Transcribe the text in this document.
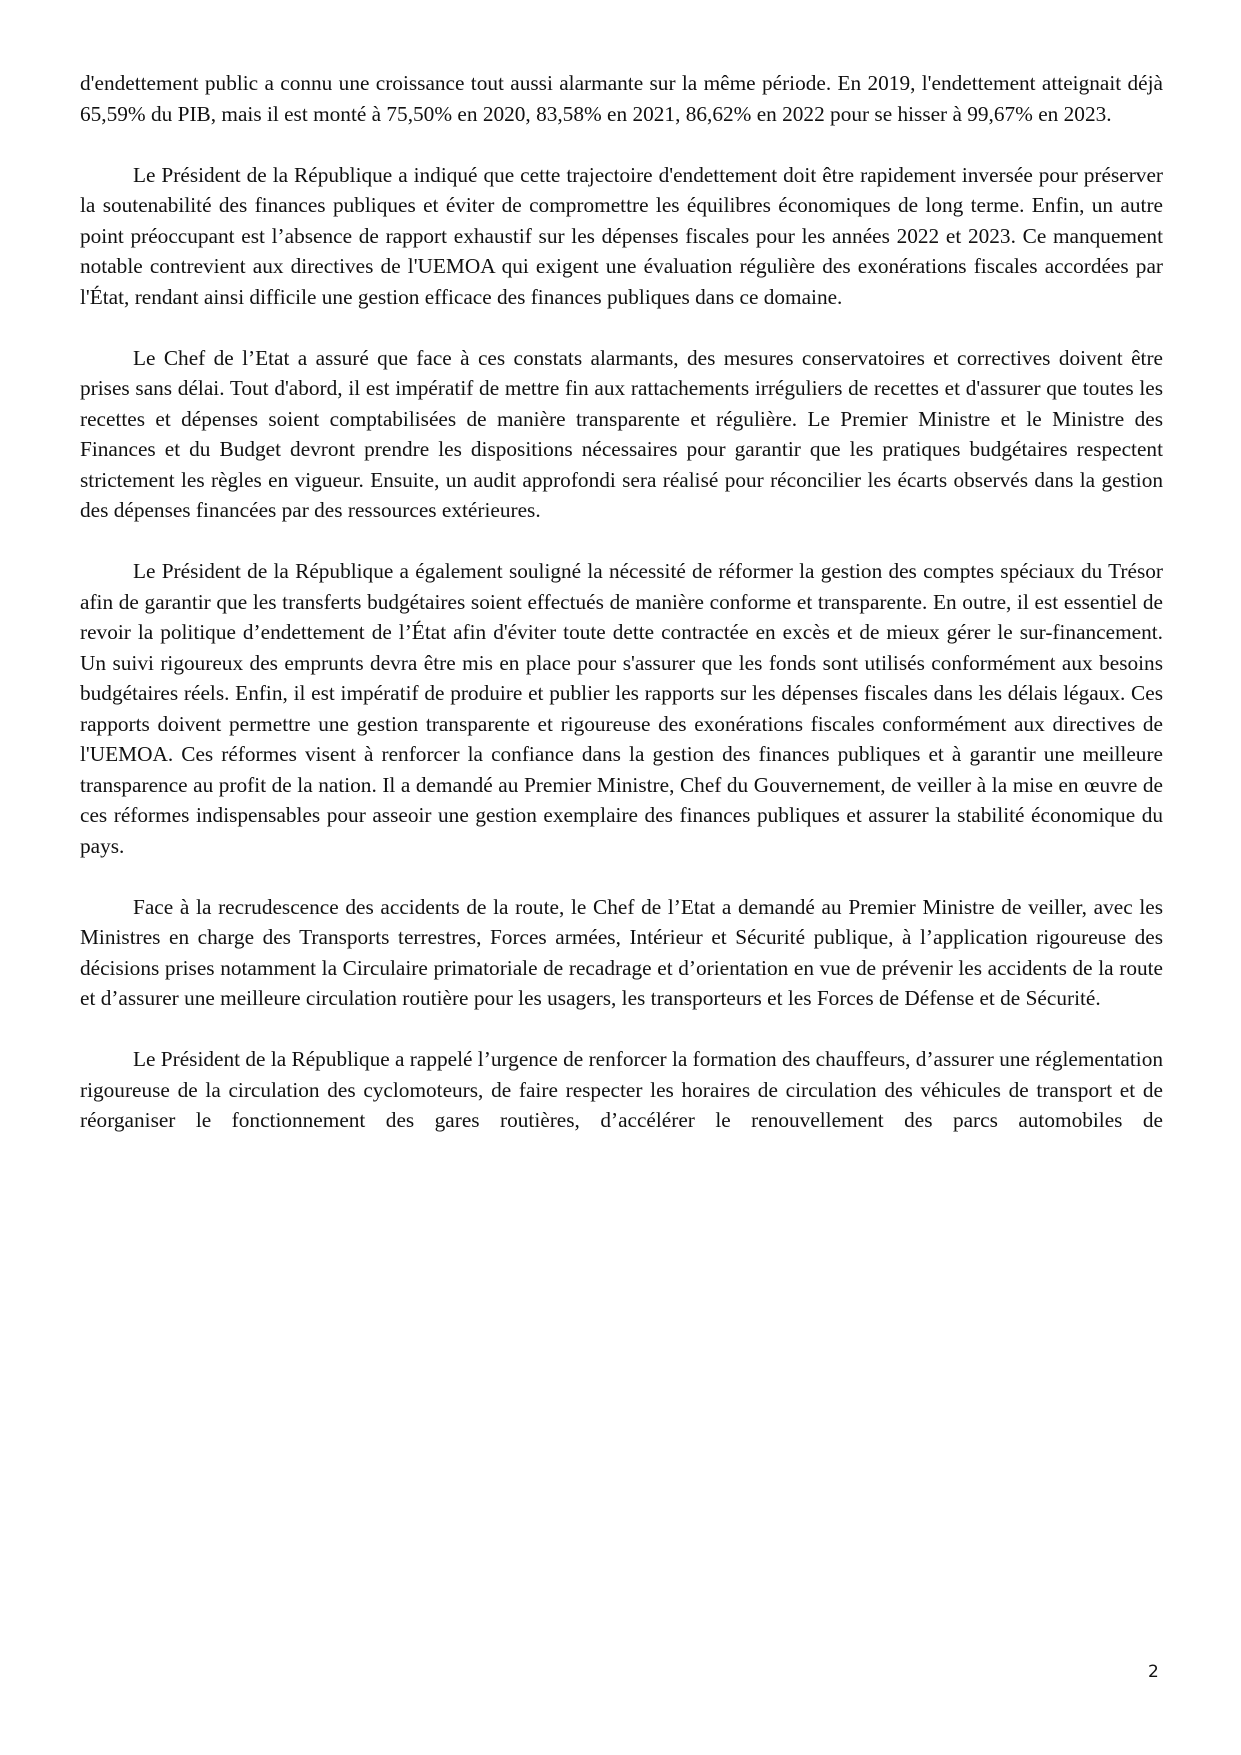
d'endettement public a connu une croissance tout aussi alarmante sur la même période. En 2019, l'endettement atteignait déjà 65,59% du PIB, mais il est monté à 75,50% en 2020, 83,58% en 2021, 86,62% en 2022 pour se hisser à 99,67% en 2023.

Le Président de la République a indiqué que cette trajectoire d'endettement doit être rapidement inversée pour préserver la soutenabilité des finances publiques et éviter de compromettre les équilibres économiques de long terme. Enfin, un autre point préoccupant est l’absence de rapport exhaustif sur les dépenses fiscales pour les années 2022 et 2023. Ce manquement notable contrevient aux directives de l'UEMOA qui exigent une évaluation régulière des exonérations fiscales accordées par l'État, rendant ainsi difficile une gestion efficace des finances publiques dans ce domaine.

Le Chef de l’Etat a assuré que face à ces constats alarmants, des mesures conservatoires et correctives doivent être prises sans délai. Tout d'abord, il est impératif de mettre fin aux rattachements irréguliers de recettes et d'assurer que toutes les recettes et dépenses soient comptabilisées de manière transparente et régulière. Le Premier Ministre et le Ministre des Finances et du Budget devront prendre les dispositions nécessaires pour garantir que les pratiques budgétaires respectent strictement les règles en vigueur. Ensuite, un audit approfondi sera réalisé pour réconcilier les écarts observés dans la gestion des dépenses financées par des ressources extérieures.

Le Président de la République a également souligné la nécessité de réformer la gestion des comptes spéciaux du Trésor afin de garantir que les transferts budgétaires soient effectués de manière conforme et transparente. En outre, il est essentiel de revoir la politique d’endettement de l’État afin d'éviter toute dette contractée en excès et de mieux gérer le sur-financement. Un suivi rigoureux des emprunts devra être mis en place pour s'assurer que les fonds sont utilisés conformément aux besoins budgétaires réels. Enfin, il est impératif de produire et publier les rapports sur les dépenses fiscales dans les délais légaux. Ces rapports doivent permettre une gestion transparente et rigoureuse des exonérations fiscales conformément aux directives de l'UEMOA. Ces réformes visent à renforcer la confiance dans la gestion des finances publiques et à garantir une meilleure transparence au profit de la nation. Il a demandé au Premier Ministre, Chef du Gouvernement, de veiller à la mise en œuvre de ces réformes indispensables pour asseoir une gestion exemplaire des finances publiques et assurer la stabilité économique du pays.

Face à la recrudescence des accidents de la route, le Chef de l’Etat a demandé au Premier Ministre de veiller, avec les Ministres en charge des Transports terrestres, Forces armées, Intérieur et Sécurité publique, à l’application rigoureuse des décisions prises notamment la Circulaire primatoriale de recadrage et d’orientation en vue de prévenir les accidents de la route et d’assurer une meilleure circulation routière pour les usagers, les transporteurs et les Forces de Défense et de Sécurité.

Le Président de la République a rappelé l’urgence de renforcer la formation des chauffeurs, d’assurer une réglementation rigoureuse de la circulation des cyclomoteurs, de faire respecter les horaires de circulation des véhicules de transport et de réorganiser le fonctionnement des gares routières, d’accélérer le renouvellement des parcs automobiles de

2
